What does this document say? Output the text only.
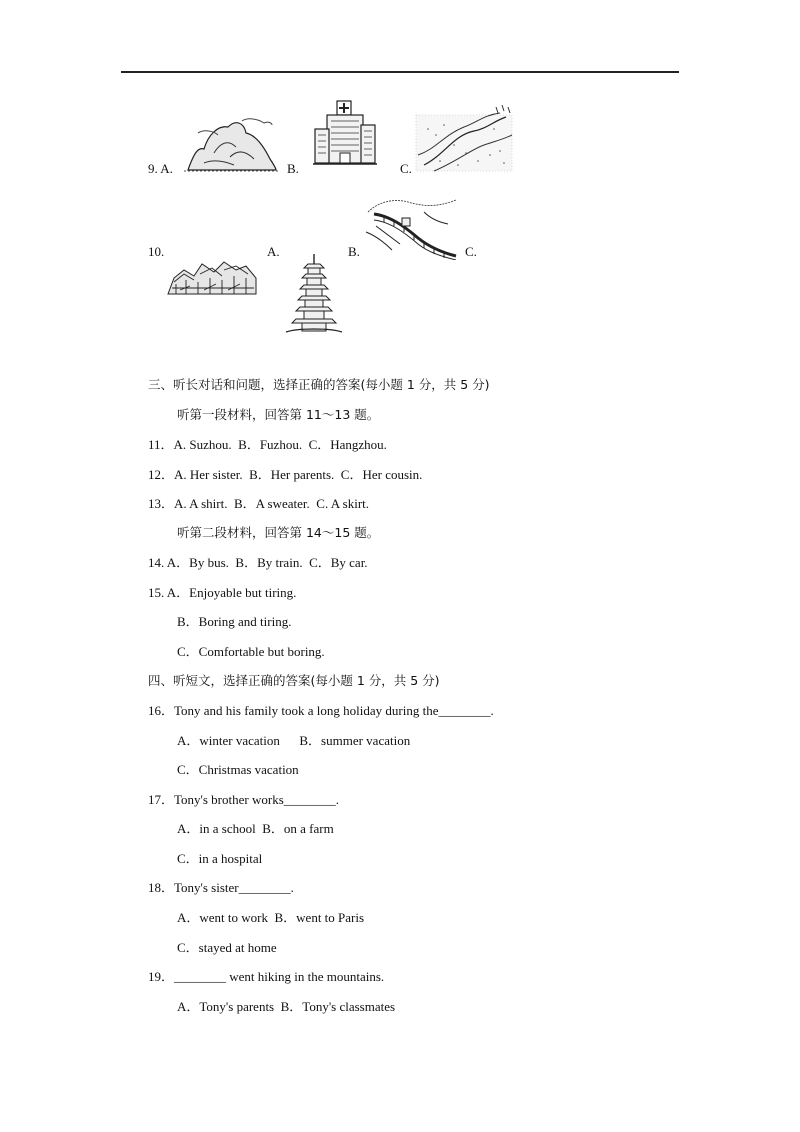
9. A.	B.	C.
10.	A.	B.	C.
三、听长对话和问题，选择正确的答案(每小题 1 分，共 5 分)
听第一段材料，回答第 11～13 题。
11．A. Suzhou.  B．Fuzhou.  C．Hangzhou.
12．A. Her sister.  B．Her parents.  C．Her cousin.
13．A. A shirt.  B．A sweater.  C. A skirt.
听第二段材料，回答第 14～15 题。
14. A．By bus.  B．By train.  C．By car.
15. A．Enjoyable but tiring.
B．Boring and tiring.
C．Comfortable but boring.
四、听短文，选择正确的答案(每小题 1 分，共 5 分)
16．Tony and his family took a long holiday during the________.
A．winter vacation      B．summer vacation
C．Christmas vacation
17．Tony's brother works________.
A．in a school  B．on a farm
C．in a hospital
18．Tony's sister________.
A．went to work  B．went to Paris
C．stayed at home
19．________ went hiking in the mountains.
A．Tony's parents  B．Tony's classmates
